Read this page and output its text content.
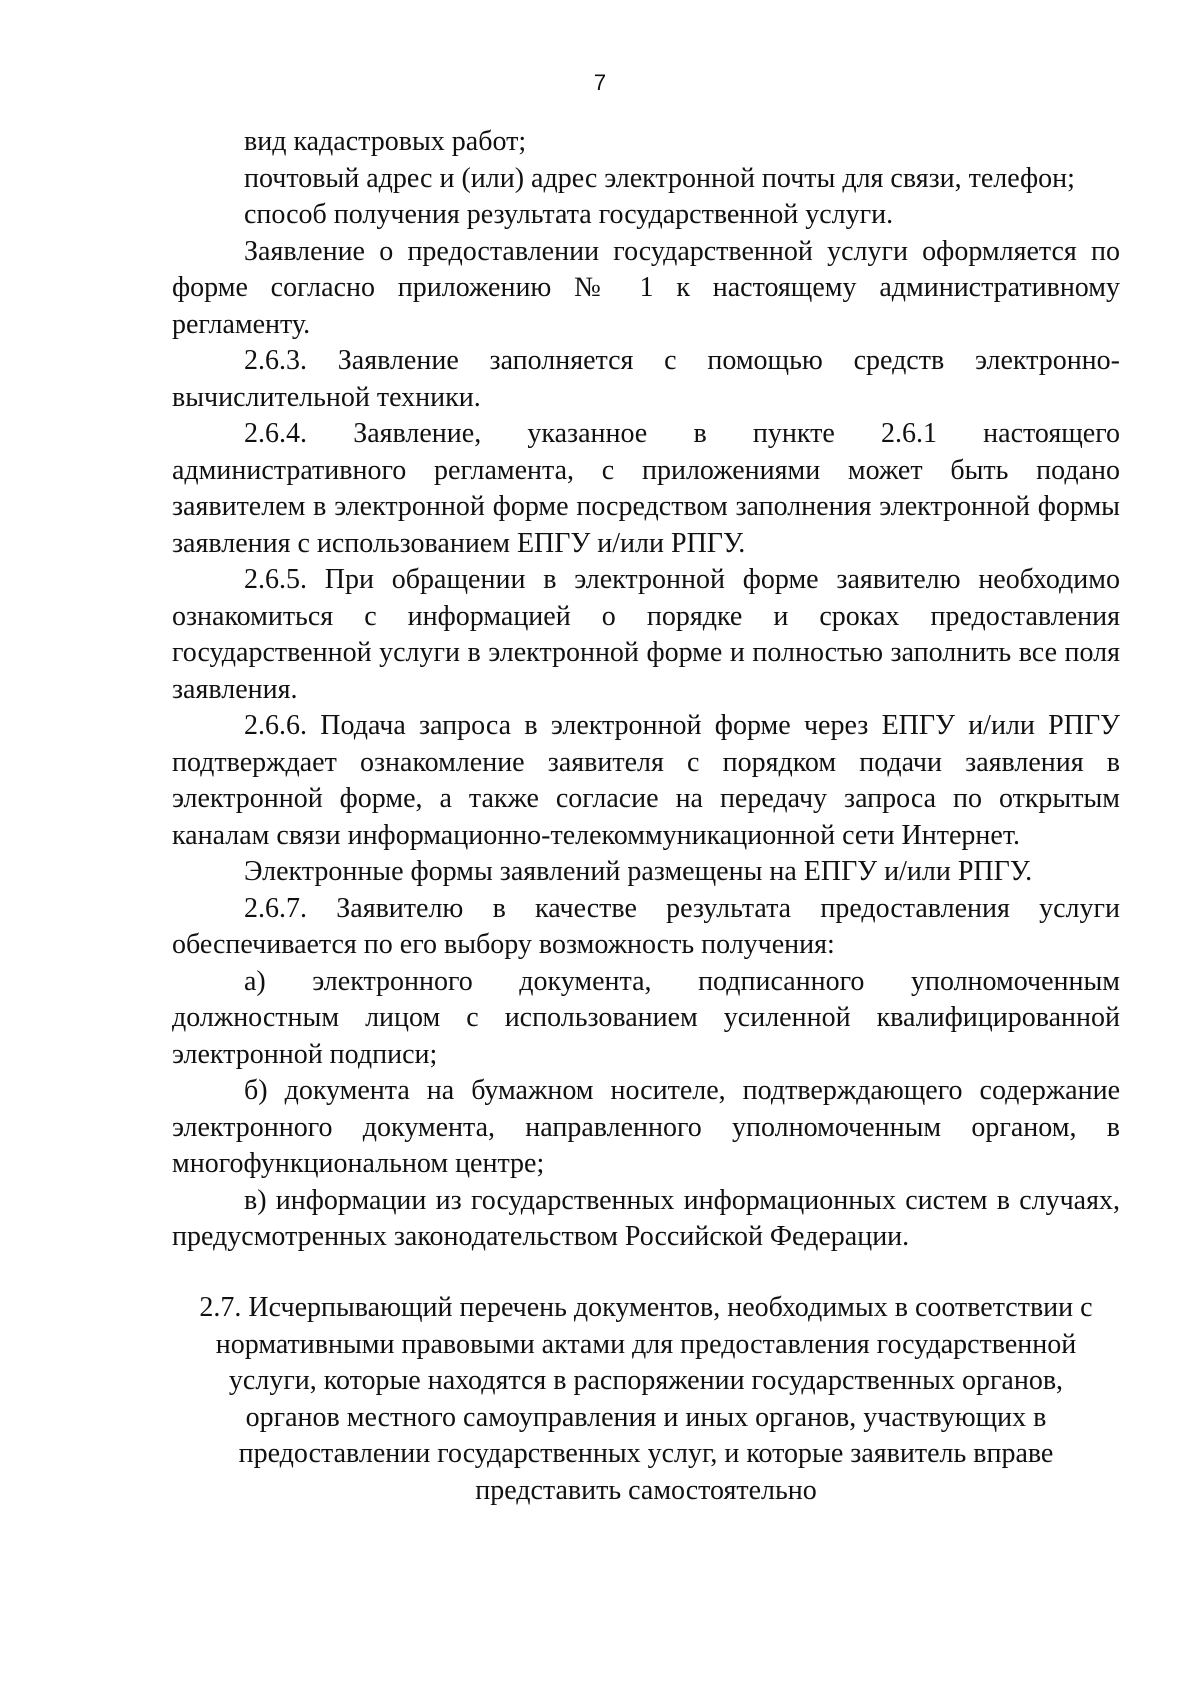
7

вид кадастровых работ;

почтовый адрес и (или) адрес электронной почты для связи, телефон;

способ получения результата государственной услуги.

Заявление о предоставлении государственной услуги оформляется по форме согласно приложению № 1 к настоящему административному регламенту.

2.6.3. Заявление заполняется с помощью средств электронно-вычислительной техники.

2.6.4. Заявление, указанное в пункте 2.6.1 настоящего административного регламента, с приложениями может быть подано заявителем в электронной форме посредством заполнения электронной формы заявления с использованием ЕПГУ и/или РПГУ.

2.6.5. При обращении в электронной форме заявителю необходимо ознакомиться с информацией о порядке и сроках предоставления государственной услуги в электронной форме и полностью заполнить все поля заявления.

2.6.6. Подача запроса в электронной форме через ЕПГУ и/или РПГУ подтверждает ознакомление заявителя с порядком подачи заявления в электронной форме, а также согласие на передачу запроса по открытым каналам связи информационно-телекоммуникационной сети Интернет.

Электронные формы заявлений размещены на ЕПГУ и/или РПГУ.

2.6.7. Заявителю в качестве результата предоставления услуги обеспечивается по его выбору возможность получения:

а) электронного документа, подписанного уполномоченным должностным лицом с использованием усиленной квалифицированной электронной подписи;

б) документа на бумажном носителе, подтверждающего содержание электронного документа, направленного уполномоченным органом, в многофункциональном центре;

в) информации из государственных информационных систем в случаях, предусмотренных законодательством Российской Федерации.

2.7. Исчерпывающий перечень документов, необходимых в соответствии с
нормативными правовыми актами для предоставления государственной
услуги, которые находятся в распоряжении государственных органов,
органов местного самоуправления и иных органов, участвующих в
предоставлении государственных услуг, и которые заявитель вправе
представить самостоятельно
